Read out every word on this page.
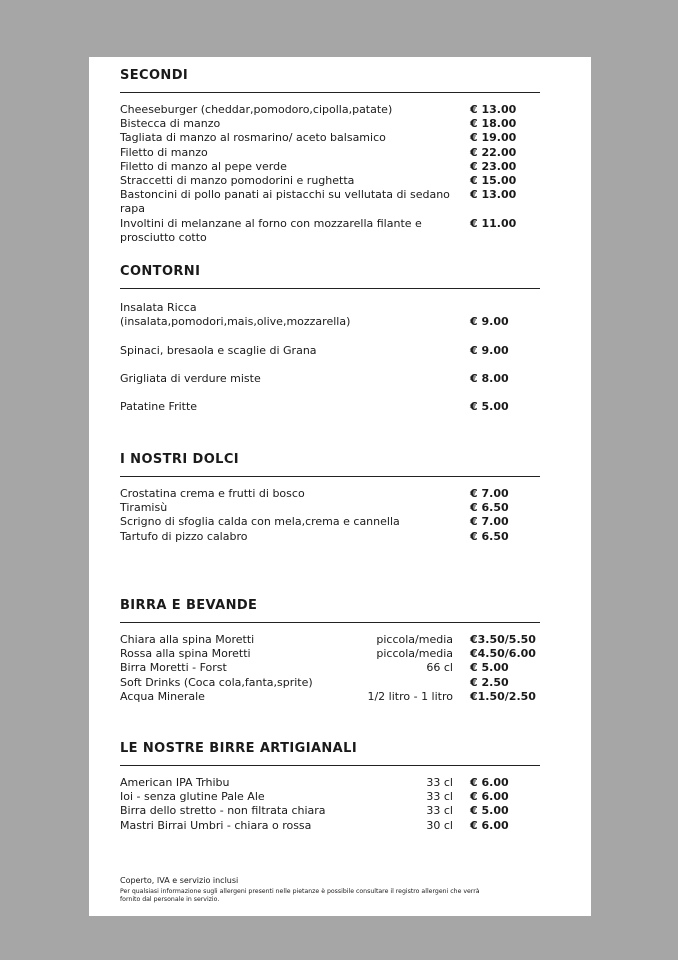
SECONDI
Cheeseburger (cheddar,pomodoro,cipolla,patate)	€ 13.00
Bistecca di manzo	€ 18.00
Tagliata di manzo al rosmarino/ aceto balsamico	€ 19.00
Filetto di manzo	€ 22.00
Filetto di manzo al pepe verde	€ 23.00
Straccetti di manzo pomodorini e rughetta	€ 15.00
Bastoncini di pollo panati ai pistacchi su vellutata di sedano rapa
€ 13.00
Involtini di melanzane al forno con mozzarella filante e prosciutto cotto
€ 11.00
CONTORNI
Insalata Ricca
(insalata,pomodori,mais,olive,mozzarella)	€ 9.00
Spinaci, bresaola e scaglie di Grana	€ 9.00
Grigliata di verdure miste	€ 8.00
Patatine Fritte	€ 5.00
I NOSTRI DOLCI
Crostatina crema e frutti di bosco	€ 7.00
Tiramisù	€ 6.50
Scrigno di sfoglia calda con mela,crema e cannella	€ 7.00
Tartufo di pizzo calabro	€ 6.50
BIRRA E BEVANDE
Chiara alla spina Moretti	piccola/media €3.50/5.50
Rossa alla spina Moretti	piccola/media €4.50/6.00
Birra Moretti - Forst	66 cl € 5.00
Soft Drinks (Coca cola,fanta,sprite)	€ 2.50
Acqua Minerale	1/2 litro - 1 litro €1.50/2.50
LE NOSTRE BIRRE ARTIGIANALI
American IPA Trhibu	33 cl € 6.00
Ioi - senza glutine Pale Ale	33 cl € 6.00
Birra dello stretto - non filtrata chiara	33 cl € 5.00
Mastri Birrai Umbri - chiara o rossa	30 cl € 6.00
Coperto, IVA e servizio inclusi
Per qualsiasi informazione sugli allergeni presenti nelle pietanze è possibile consultare il registro allergeni che verrà fornito dal personale in servizio.
